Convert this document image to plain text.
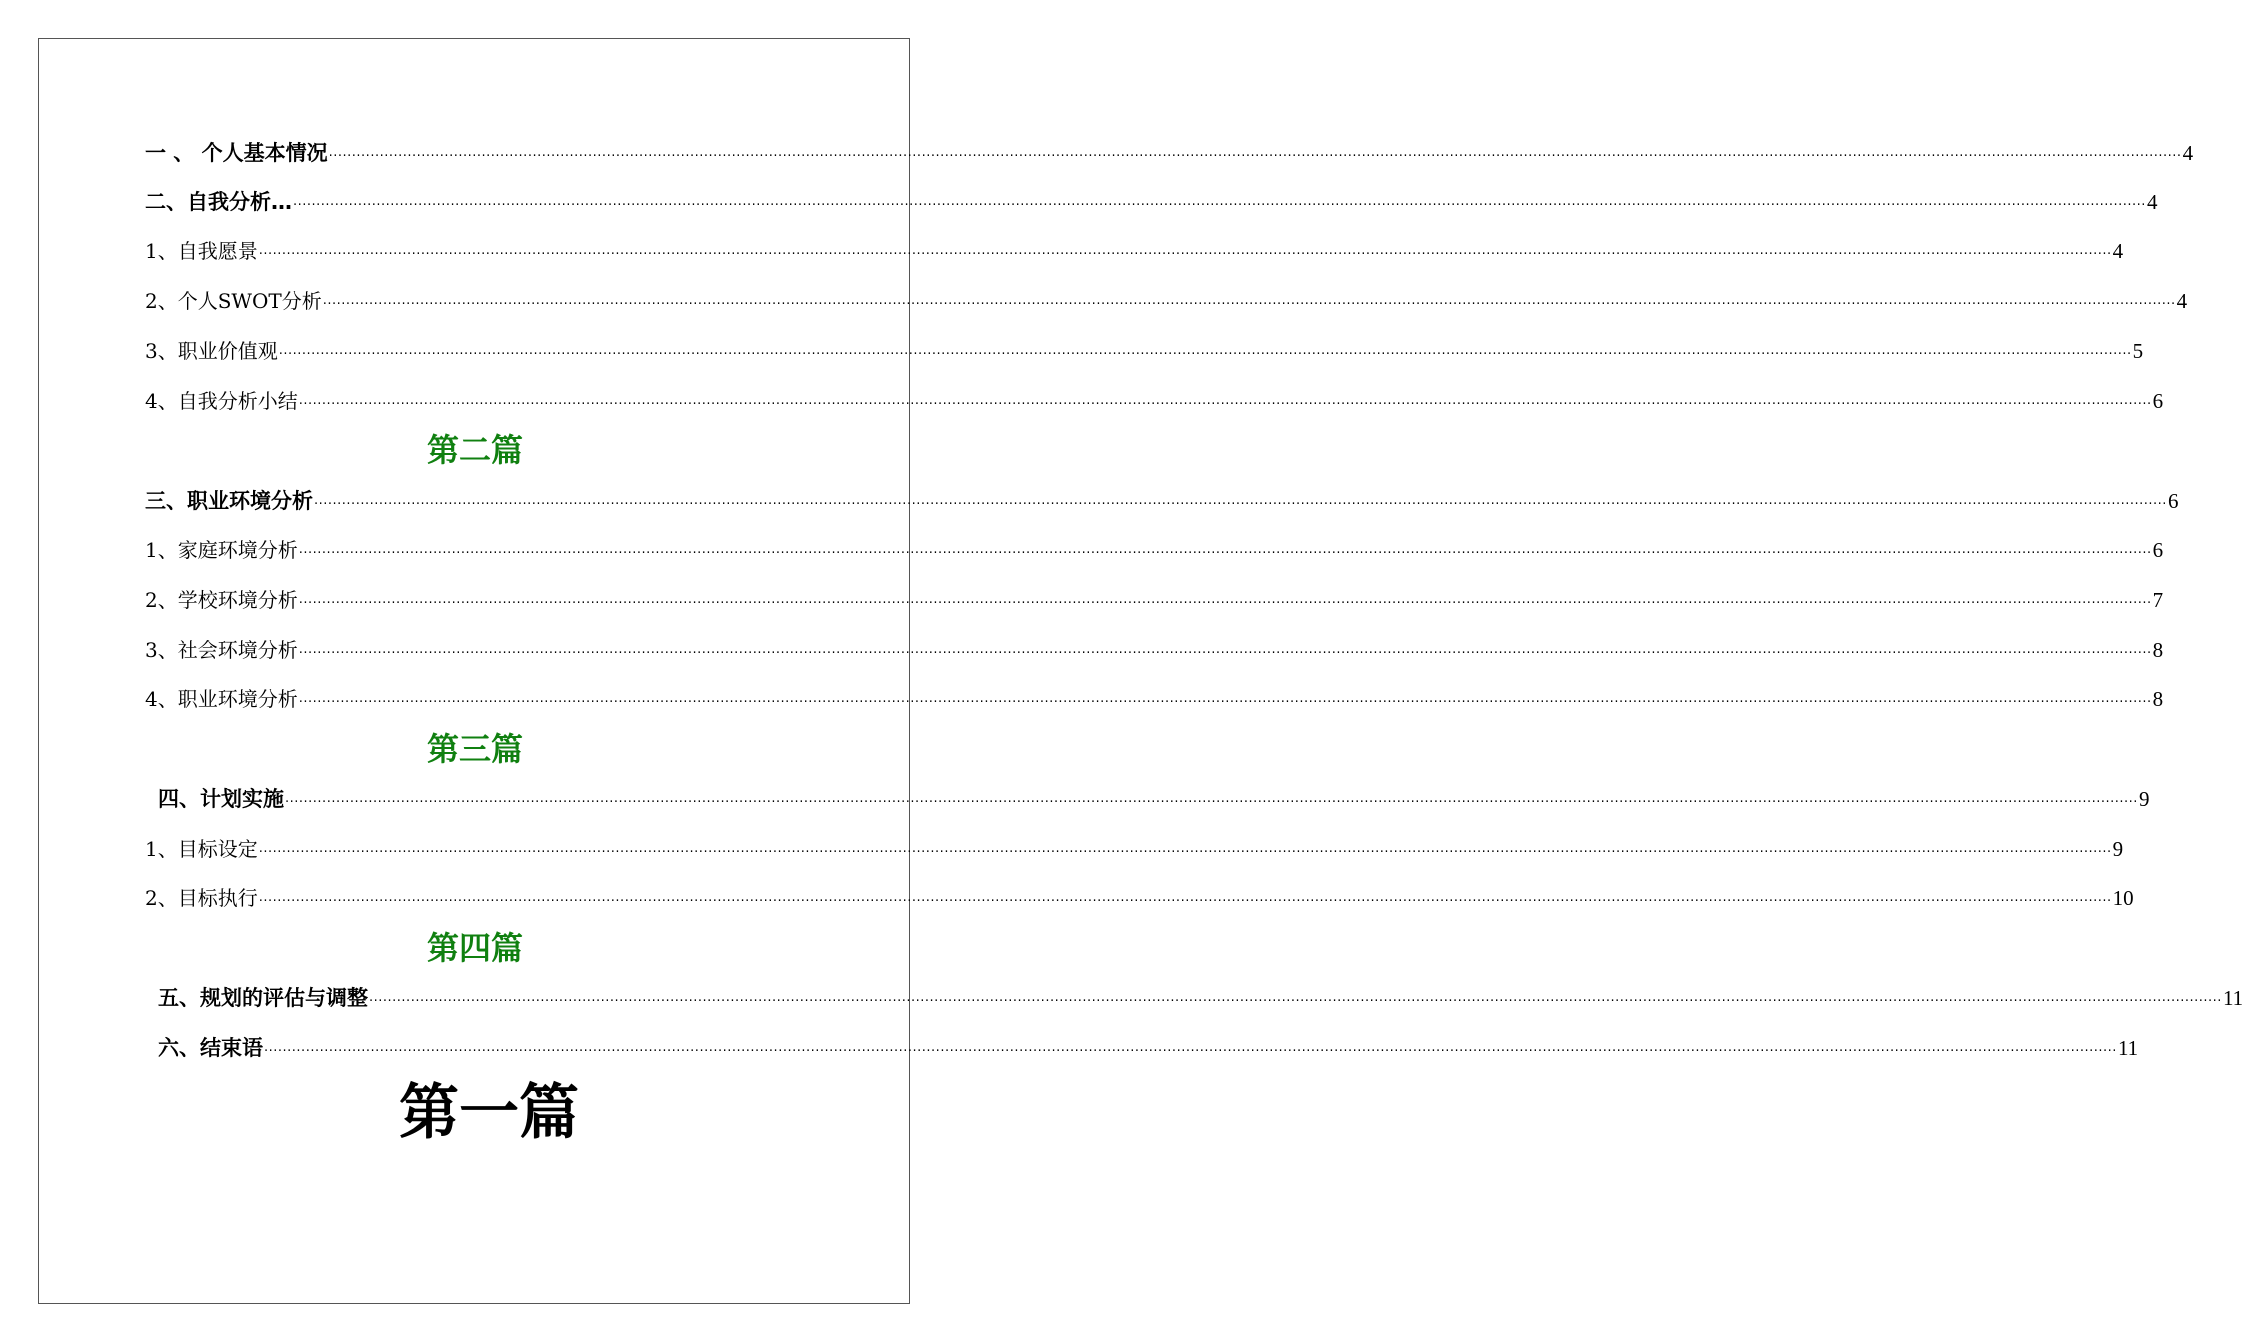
一 、 个人基本情况 ················································································································································································································································································································································································································ 4
二、自我分析… ················································································································································································································································································································································································································ 4
1、自我愿景 ················································································································································································································································································································································································································ 4
2、个人SWOT分析 ················································································································································································································································································································································································································ 4
3、职业价值观 ················································································································································································································································································································································································································ 5
4、自我分析小结 ················································································································································································································································································································································································································ 6
三、职业环境分析 ················································································································································································································································································································································································································ 6
1、家庭环境分析 ················································································································································································································································································································································································································ 6
2、学校环境分析 ················································································································································································································································································································································································································ 7
3、社会环境分析 ················································································································································································································································································································································································································ 8
4、职业环境分析 ················································································································································································································································································································································································································ 8
四、计划实施 ················································································································································································································································································································································································································ 9
1、目标设定 ················································································································································································································································································································································································································ 9
2、目标执行 ················································································································································································································································································································································································································ 10
五、规划的评估与调整 ················································································································································································································································································································································································································ 11
六、结束语 ················································································································································································································································································································································································································ 11
第二篇
第三篇
第四篇
第一篇
